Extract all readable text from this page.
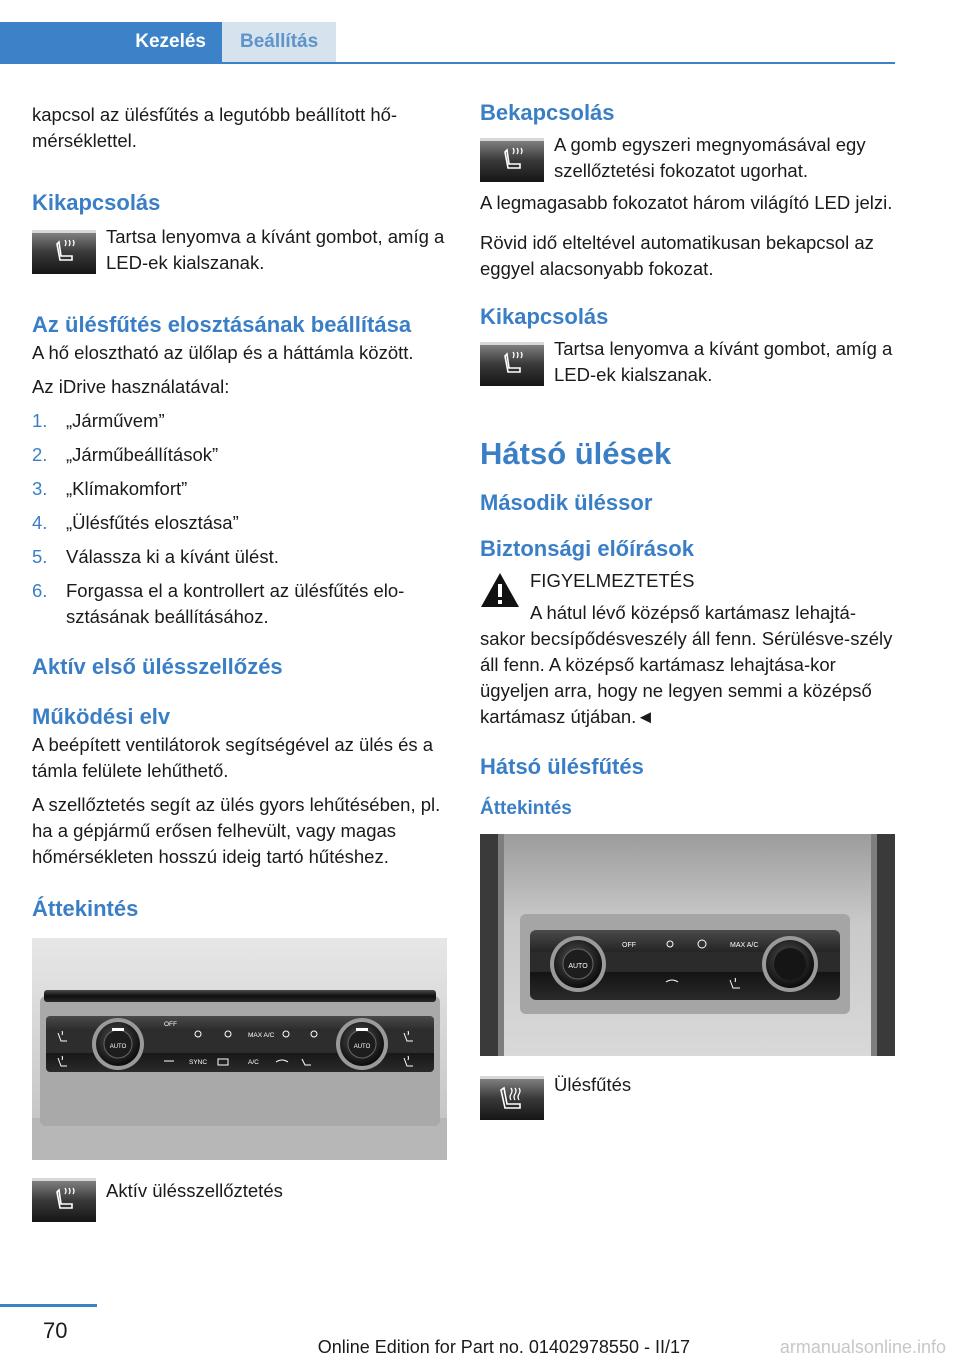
Kezelés	Beállítás

kapcsol az ülésfűtés a legutóbb beállított hő‐mérséklettel.

Kikapcsolás

Tartsa lenyomva a kívánt gombot, amíg a LED-ek kialszanak.

Az ülésfűtés elosztásának beállítása

A hő elosztható az ülőlap és a háttámla között.

Az iDrive használatával:

1.	„Járművem”
2.	„Járműbeállítások”
3.	„Klímakomfort”
4.	„Ülésfűtés elosztása”
5.	Válassza ki a kívánt ülést.
6.	Forgassa el a kontrollert az ülésfűtés elo‐sztásának beállításához.
Aktív első ülésszellőzés
Működési elv

A beépített ventilátorok segítségével az ülés és a támla felülete lehűthető.

A szellőztetés segít az ülés gyors lehűtésében, pl. ha a gépjármű erősen felhevült, vagy magas hőmérsékleten hosszú ideig tartó hűtéshez.

Áttekintés
AUTO	AUTO
OFF
MAX A/C
SYNC	A/C

Aktív ülésszellőztetés

Bekapcsolás

A gomb egyszeri megnyomásával egy szellőztetési fokozatot ugorhat.

A legmagasabb fokozatot három világító LED jelzi.

Rövid idő elteltével automatikusan bekapcsol az eggyel alacsonyabb fokozat.

Kikapcsolás

Tartsa lenyomva a kívánt gombot, amíg a LED-ek kialszanak.

Hátsó ülések
Második üléssor
Biztonsági előírások

FIGYELMEZTETÉS

A hátul lévő középső kartámasz lehajtá‐

sakor becsípődésveszély áll fenn. Sérülésve‐szély áll fenn. A középső kartámasz lehajtása‐kor ügyeljen arra, hogy ne legyen semmi a középső kartámasz útjában.◄

Hátsó ülésfűtés
Áttekintés
AUTO
OFF	MAX A/C

Ülésfűtés

70
Online Edition for Part no. 01402978550 - II/17	armanualsonline.info
